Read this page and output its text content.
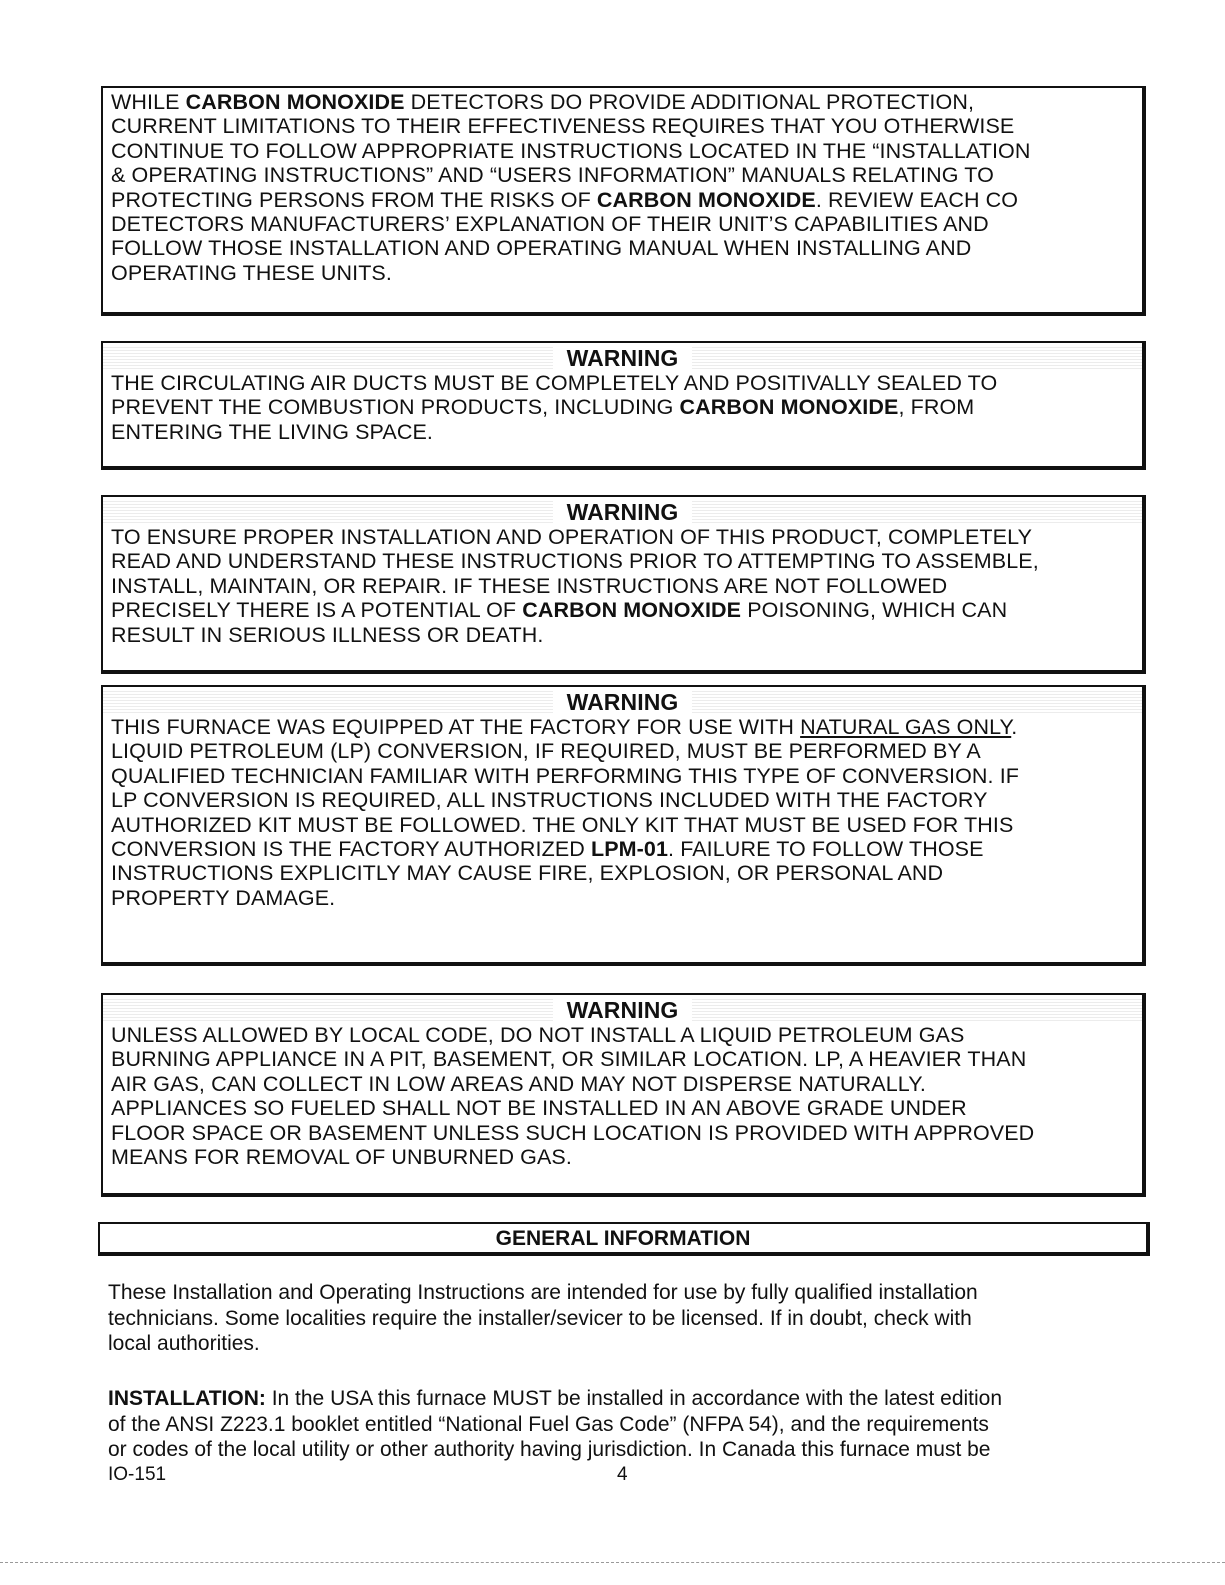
WHILE CARBON MONOXIDE DETECTORS DO PROVIDE ADDITIONAL PROTECTION,
CURRENT LIMITATIONS TO THEIR EFFECTIVENESS REQUIRES THAT YOU OTHERWISE
CONTINUE TO FOLLOW APPROPRIATE INSTRUCTIONS LOCATED IN THE “INSTALLATION
& OPERATING INSTRUCTIONS” AND “USERS INFORMATION” MANUALS RELATING TO
PROTECTING PERSONS FROM THE RISKS OF CARBON MONOXIDE. REVIEW EACH CO
DETECTORS MANUFACTURERS’ EXPLANATION OF THEIR UNIT’S CAPABILITIES AND
FOLLOW THOSE INSTALLATION AND OPERATING MANUAL WHEN INSTALLING AND
OPERATING THESE UNITS.
WARNING
THE CIRCULATING AIR DUCTS MUST BE COMPLETELY AND POSITIVALLY SEALED TO
PREVENT THE COMBUSTION PRODUCTS, INCLUDING CARBON MONOXIDE, FROM
ENTERING THE LIVING SPACE.
WARNING
TO ENSURE PROPER INSTALLATION AND OPERATION OF THIS PRODUCT, COMPLETELY
READ AND UNDERSTAND THESE INSTRUCTIONS PRIOR TO ATTEMPTING TO ASSEMBLE,
INSTALL, MAINTAIN, OR REPAIR. IF THESE INSTRUCTIONS ARE NOT FOLLOWED
PRECISELY THERE IS A POTENTIAL OF CARBON MONOXIDE POISONING, WHICH CAN
RESULT IN SERIOUS ILLNESS OR DEATH.
WARNING
THIS FURNACE WAS EQUIPPED AT THE FACTORY FOR USE WITH NATURAL GAS ONLY.
LIQUID PETROLEUM (LP) CONVERSION, IF REQUIRED, MUST BE PERFORMED BY A
QUALIFIED TECHNICIAN FAMILIAR WITH PERFORMING THIS TYPE OF CONVERSION. IF
LP CONVERSION IS REQUIRED, ALL INSTRUCTIONS INCLUDED WITH THE FACTORY
AUTHORIZED KIT MUST BE FOLLOWED. THE ONLY KIT THAT MUST BE USED FOR THIS
CONVERSION IS THE FACTORY AUTHORIZED LPM-01. FAILURE TO FOLLOW THOSE
INSTRUCTIONS EXPLICITLY MAY CAUSE FIRE, EXPLOSION, OR PERSONAL AND
PROPERTY DAMAGE.
WARNING
UNLESS ALLOWED BY LOCAL CODE, DO NOT INSTALL A LIQUID PETROLEUM GAS
BURNING APPLIANCE IN A PIT, BASEMENT, OR SIMILAR LOCATION. LP, A HEAVIER THAN
AIR GAS, CAN COLLECT IN LOW AREAS AND MAY NOT DISPERSE NATURALLY.
APPLIANCES SO FUELED SHALL NOT BE INSTALLED IN AN ABOVE GRADE UNDER
FLOOR SPACE OR BASEMENT UNLESS SUCH LOCATION IS PROVIDED WITH APPROVED
MEANS FOR REMOVAL OF UNBURNED GAS.
GENERAL INFORMATION
These Installation and Operating Instructions are intended for use by fully qualified installation
technicians. Some localities require the installer/sevicer to be licensed. If in doubt, check with
local authorities.
INSTALLATION: In the USA this furnace MUST be installed in accordance with the latest edition
of the ANSI Z223.1 booklet entitled “National Fuel Gas Code” (NFPA 54), and the requirements
or codes of the local utility or other authority having jurisdiction. In Canada this furnace must be
IO-151	4
